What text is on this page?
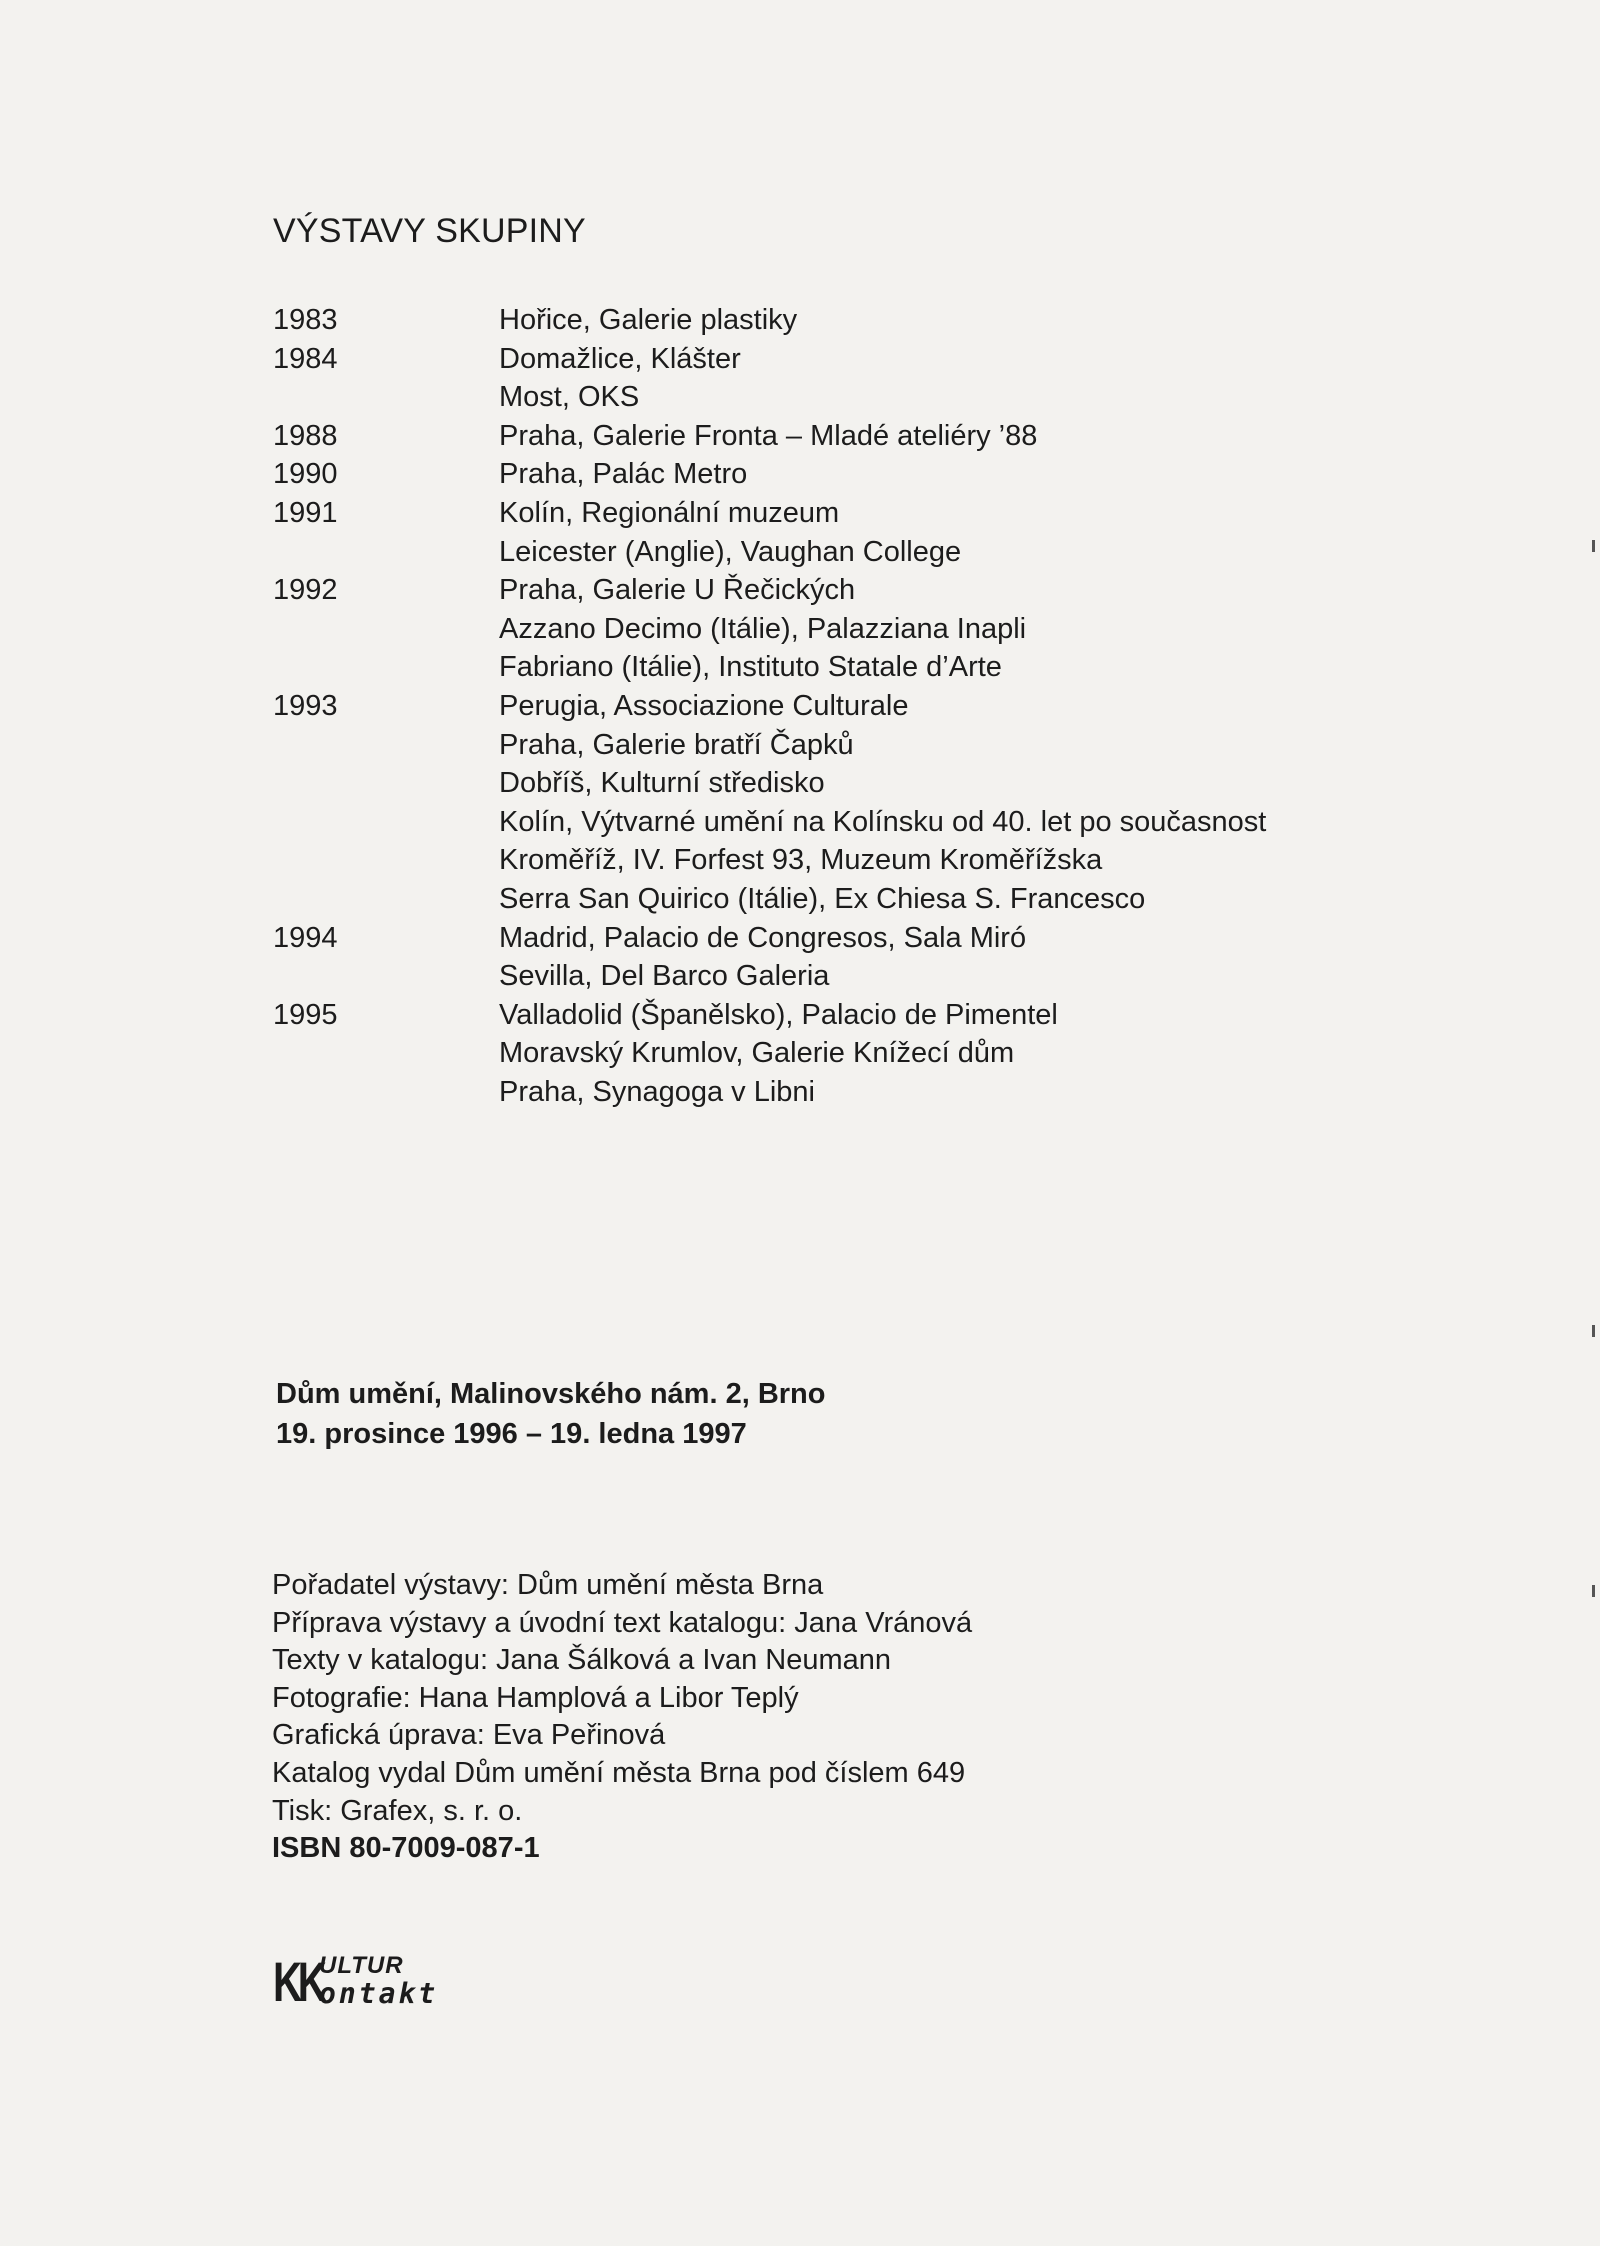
VÝSTAVY SKUPINY
1983	Hořice, Galerie plastiky
1984	Domažlice, Klášter
Most, OKS
1988	Praha, Galerie Fronta – Mladé ateliéry ’88
1990	Praha, Palác Metro
1991	Kolín, Regionální muzeum
Leicester (Anglie), Vaughan College
1992	Praha, Galerie U Řečických
Azzano Decimo (Itálie), Palazziana Inapli
Fabriano (Itálie), Instituto Statale d’Arte
1993	Perugia, Associazione Culturale
Praha, Galerie bratří Čapků
Dobříš, Kulturní středisko
Kolín, Výtvarné umění na Kolínsku od 40. let po současnost
Kroměříž, IV. Forfest 93, Muzeum Kroměřížska
Serra San Quirico (Itálie), Ex Chiesa S. Francesco
1994	Madrid, Palacio de Congresos, Sala Miró
Sevilla, Del Barco Galeria
1995	Valladolid (Španělsko), Palacio de Pimentel
Moravský Krumlov, Galerie Knížecí dům
Praha, Synagoga v Libni
Dům umění, Malinovského nám. 2, Brno
19. prosince 1996 – 19. ledna 1997
Pořadatel výstavy: Dům umění města Brna
Příprava výstavy a úvodní text katalogu: Jana Vránová
Texty v katalogu: Jana Šálková a Ivan Neumann
Fotografie: Hana Hamplová a Libor Teplý
Grafická úprava: Eva Peřinová
Katalog vydal Dům umění města Brna pod číslem 649
Tisk: Grafex, s. r. o.
ISBN 80-7009-087-1
KK
ULTUR
ontakt
